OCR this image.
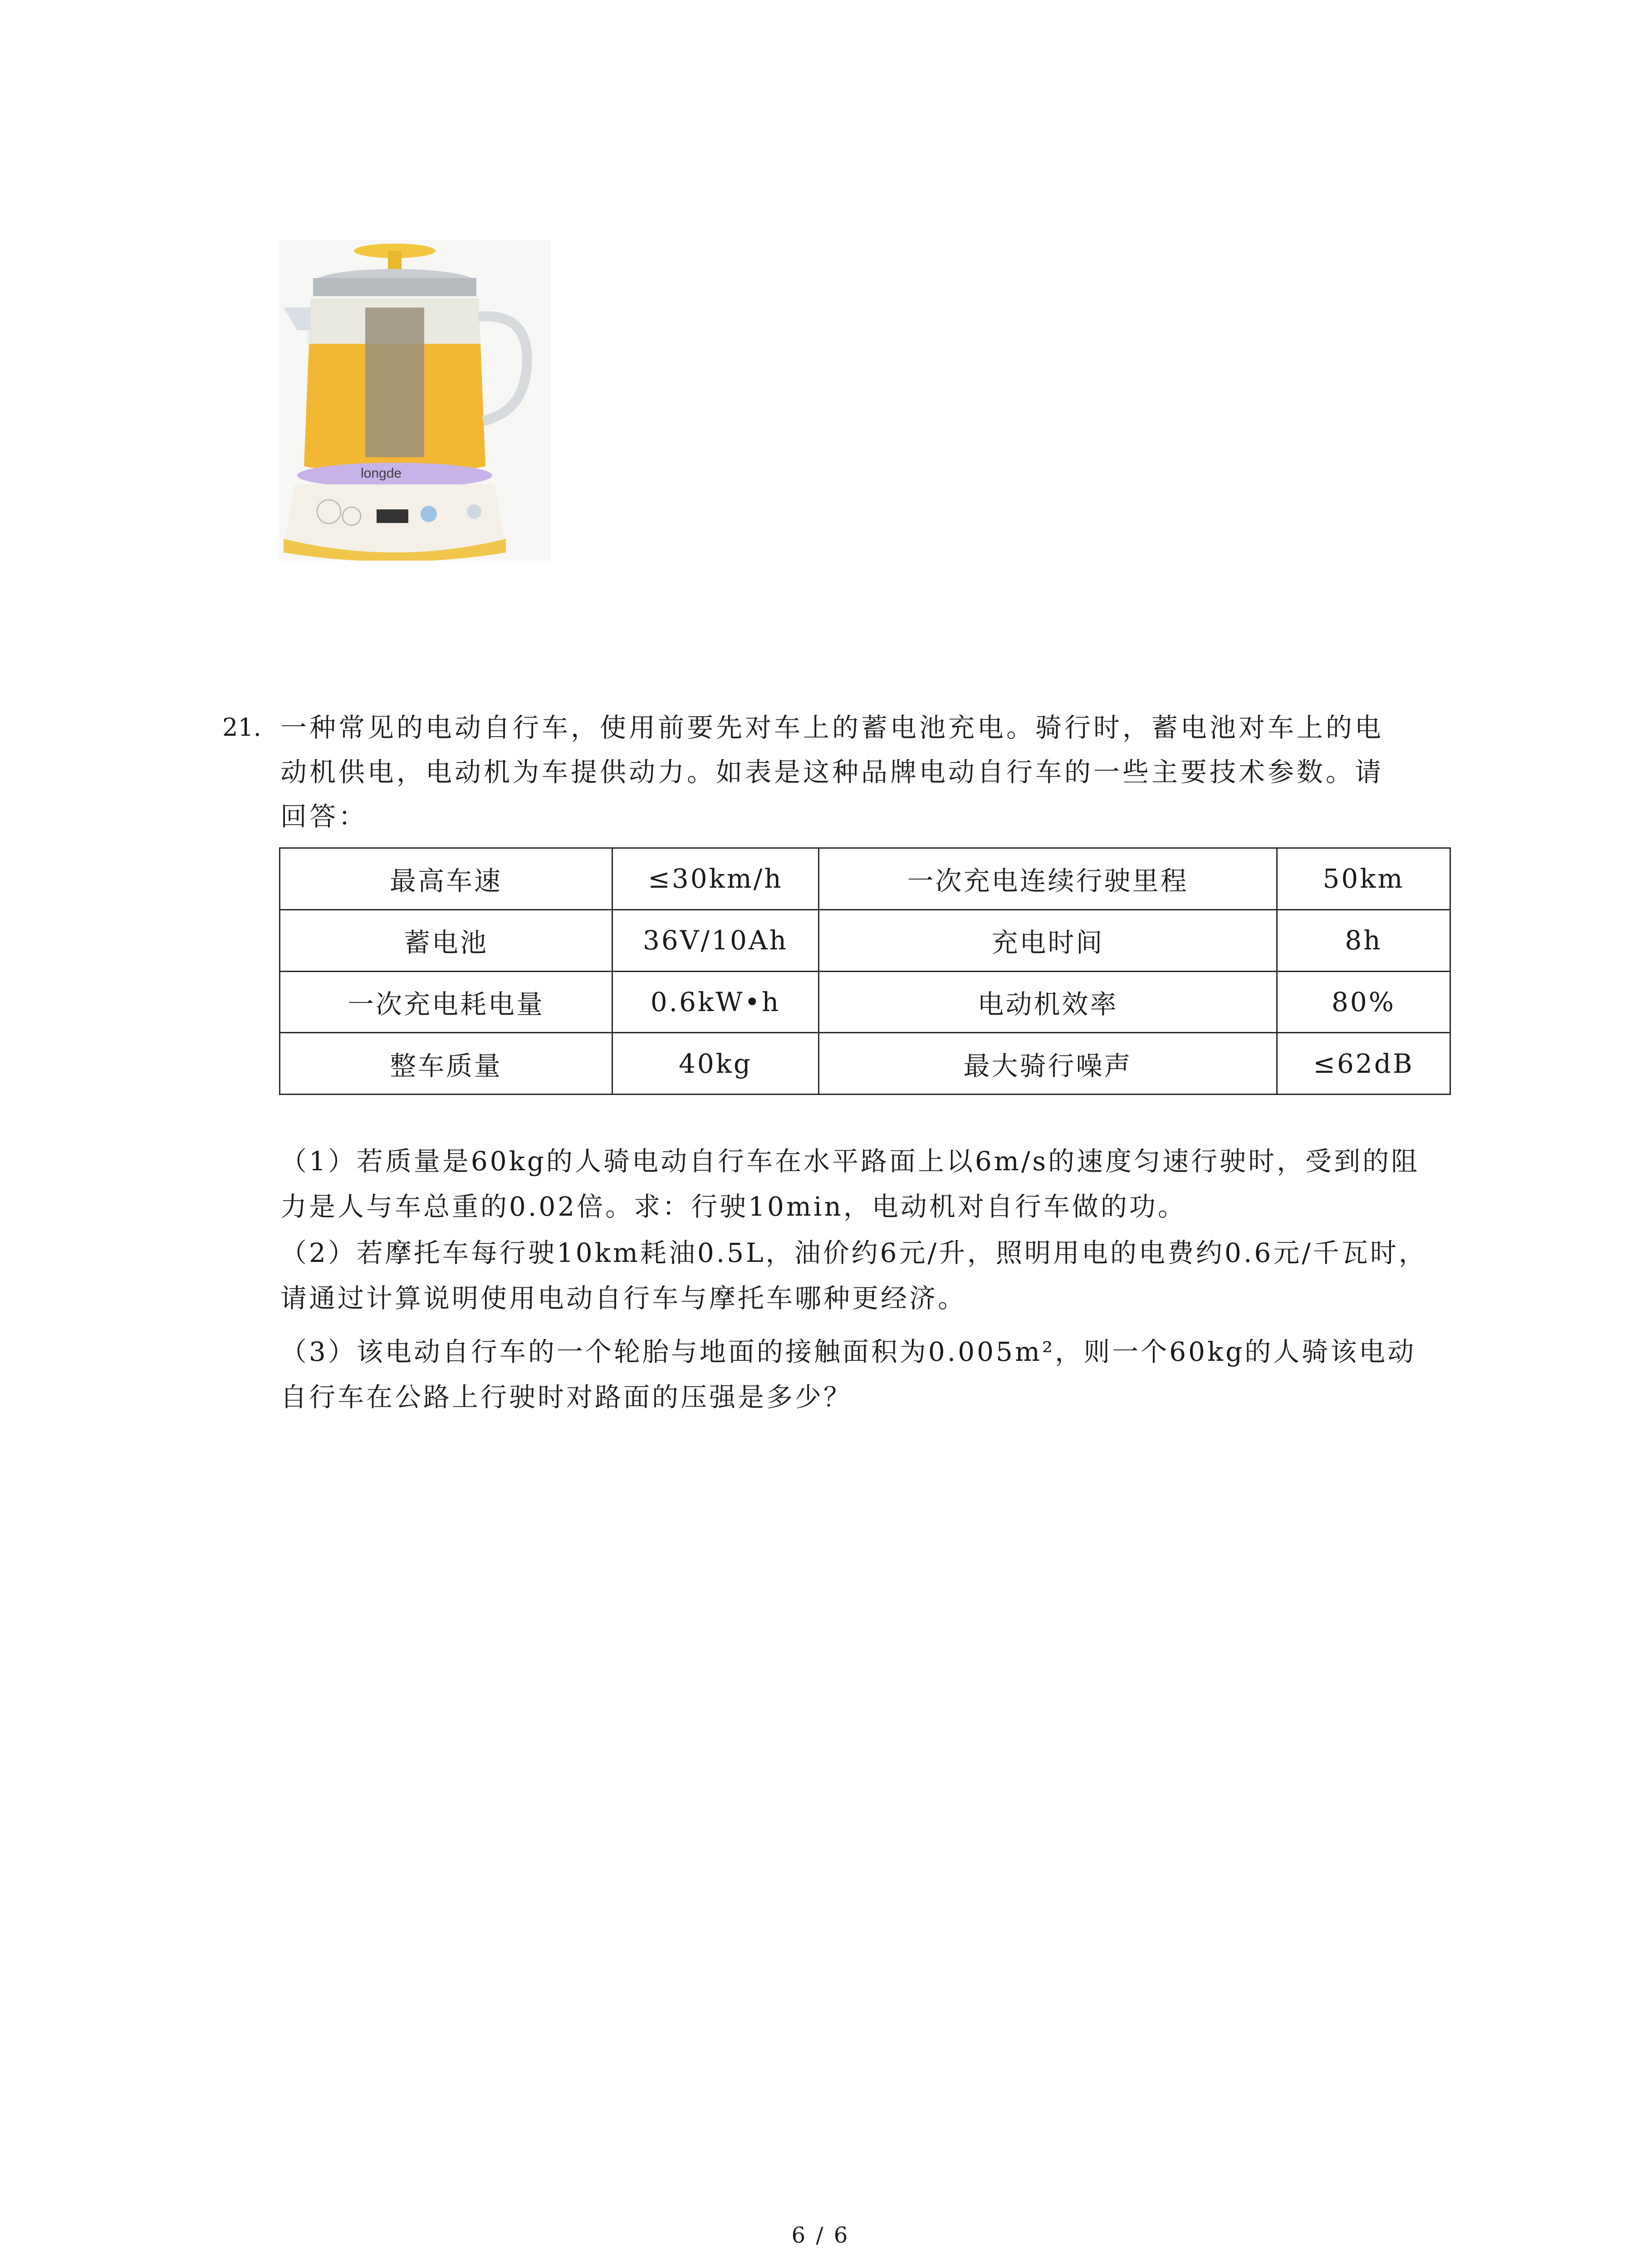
longde
21. 一种常见的电动自行车，使用前要先对车上的蓄电池充电。骑行时，蓄电池对车上的电

动机供电，电动机为车提供动力。如表是这种品牌电动自行车的一些主要技术参数。请

回答：

最高车速	≤30km/h	一次充电连续行驶里程	50km
蓄电池	36V/10Ah	充电时间	8h
一次充电耗电量	0.6kW•h	电动机效率	80%
整车质量	40kg	最大骑行噪声	≤62dB

（1）若质量是60kg的人骑电动自行车在水平路面上以6m/s的速度匀速行驶时，受到的阻

力是人与车总重的0.02倍。求：行驶10min，电动机对自行车做的功。

（2）若摩托车每行驶10km耗油0.5L，油价约6元/升，照明用电的电费约0.6元/千瓦时，

请通过计算说明使用电动自行车与摩托车哪种更经济。

（3）该电动自行车的一个轮胎与地面的接触面积为0.005m²，则一个60kg的人骑该电动

自行车在公路上行驶时对路面的压强是多少？

6 / 6
